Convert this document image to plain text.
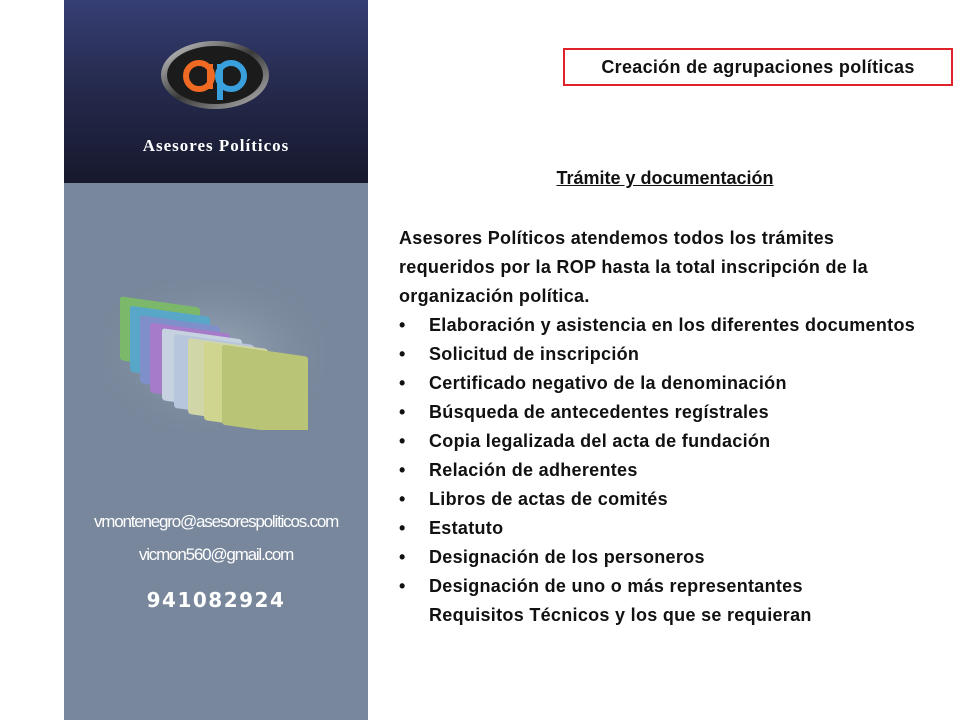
Asesores Políticos
vmontenegro@asesorespoliticos.com
vicmon560@gmail.com
941082924
Creación de agrupaciones políticas
Trámite y documentación
Asesores Políticos atendemos todos los trámites requeridos por la ROP hasta la total inscripción de la organización política.
• Elaboración y asistencia en los diferentes documentos
• Solicitud de inscripción
• Certificado negativo de la denominación
• Búsqueda de antecedentes regístrales
• Copia legalizada del acta de fundación
• Relación de adherentes
• Libros de actas de comités
• Estatuto
• Designación de los personeros
• Designación de uno o más representantes
Requisitos Técnicos y los que se requieran
